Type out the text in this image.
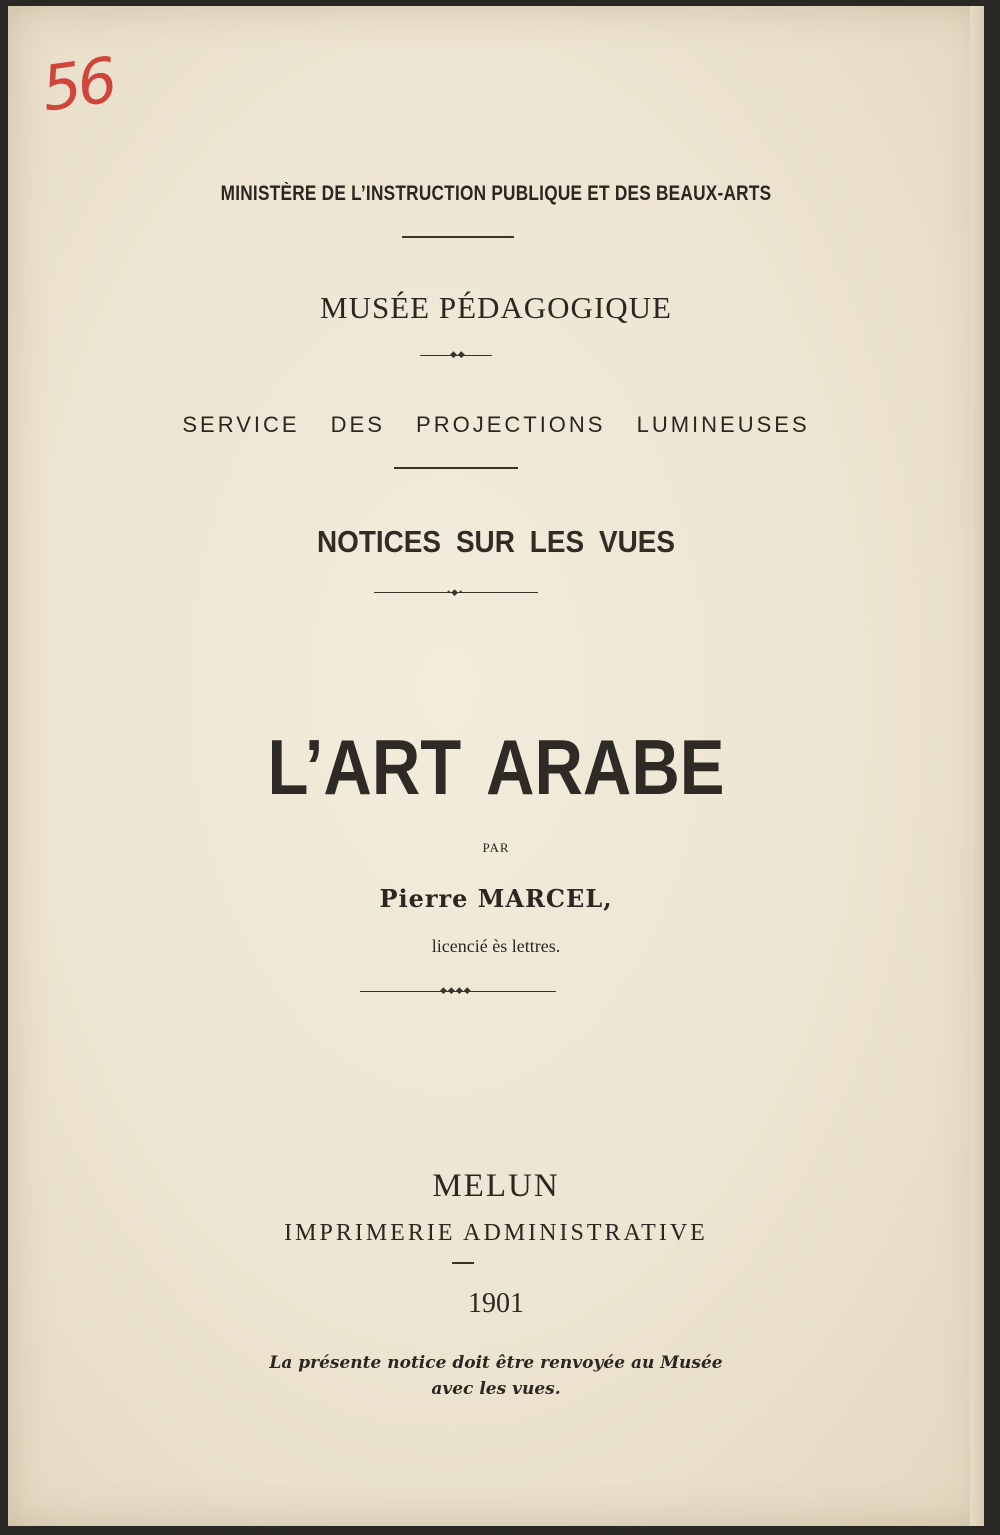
56
MINISTÈRE DE L’INSTRUCTION PUBLIQUE ET DES BEAUX-ARTS
MUSÉE PÉDAGOGIQUE
◆◆
SERVICE DES PROJECTIONS LUMINEUSES
NOTICES SUR LES VUES
•◆•
L’ART ARABE
PAR
Pierre MARCEL,
licencié ès lettres.
◆◆◆◆
MELUN
IMPRIMERIE ADMINISTRATIVE
1901
La présente notice doit être renvoyée au Musée
avec les vues.
